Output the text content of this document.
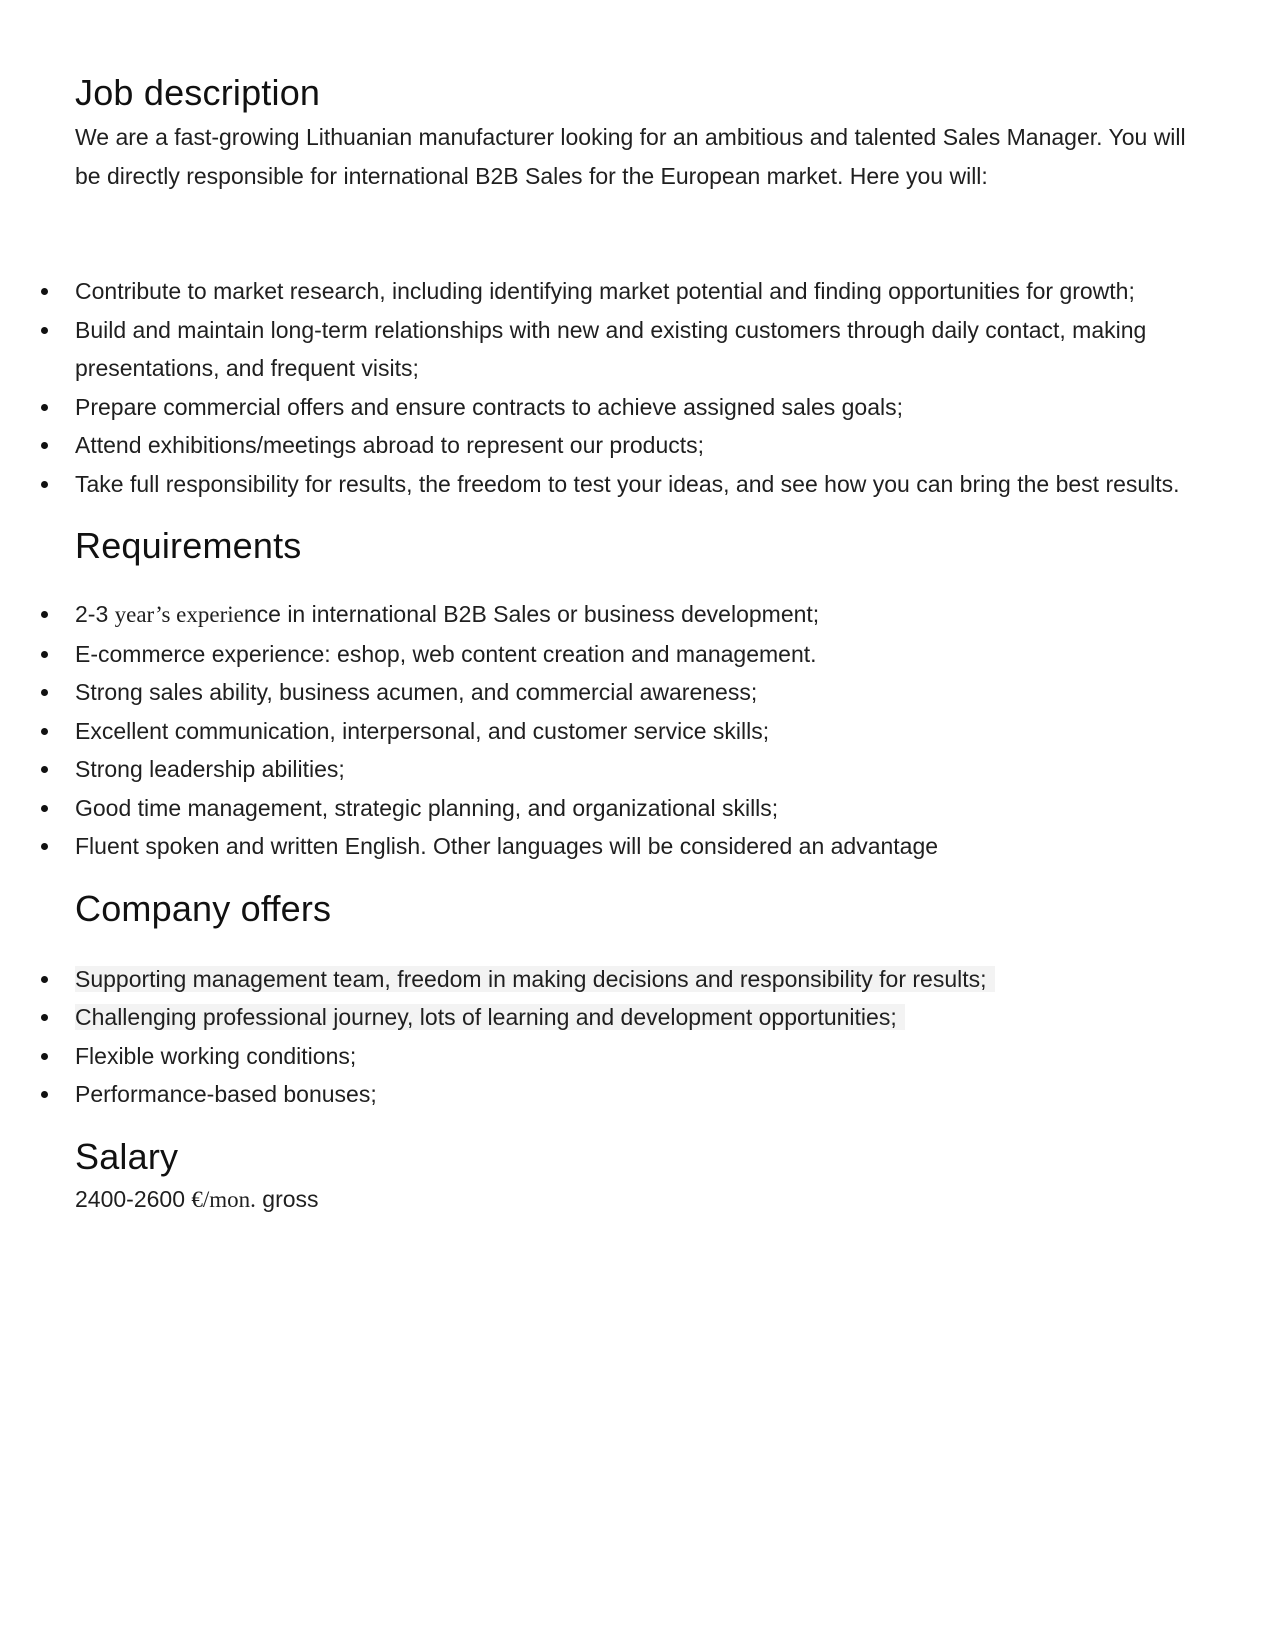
Job description

We are a fast-growing Lithuanian manufacturer looking for an ambitious and talented Sales Manager. You will be directly responsible for international B2B Sales for the European market. Here you will:

Contribute to market research, including identifying market potential and finding opportunities for growth;
Build and maintain long-term relationships with new and existing customers through daily contact, making presentations, and frequent visits;
Prepare commercial offers and ensure contracts to achieve assigned sales goals;
Attend exhibitions/meetings abroad to represent our products;
Take full responsibility for results, the freedom to test your ideas, and see how you can bring the best results.
Requirements
2-3 year’s experience in international B2B Sales or business development;
E-commerce experience: eshop, web content creation and management.
Strong sales ability, business acumen, and commercial awareness;
Excellent communication, interpersonal, and customer service skills;
Strong leadership abilities;
Good time management, strategic planning, and organizational skills;
Fluent spoken and written English. Other languages will be considered an advantage
Company offers
Supporting management team, freedom in making decisions and responsibility for results;
Challenging professional journey, lots of learning and development opportunities;
Flexible working conditions;
Performance-based bonuses;
Salary

2400-2600 €/mon. gross
